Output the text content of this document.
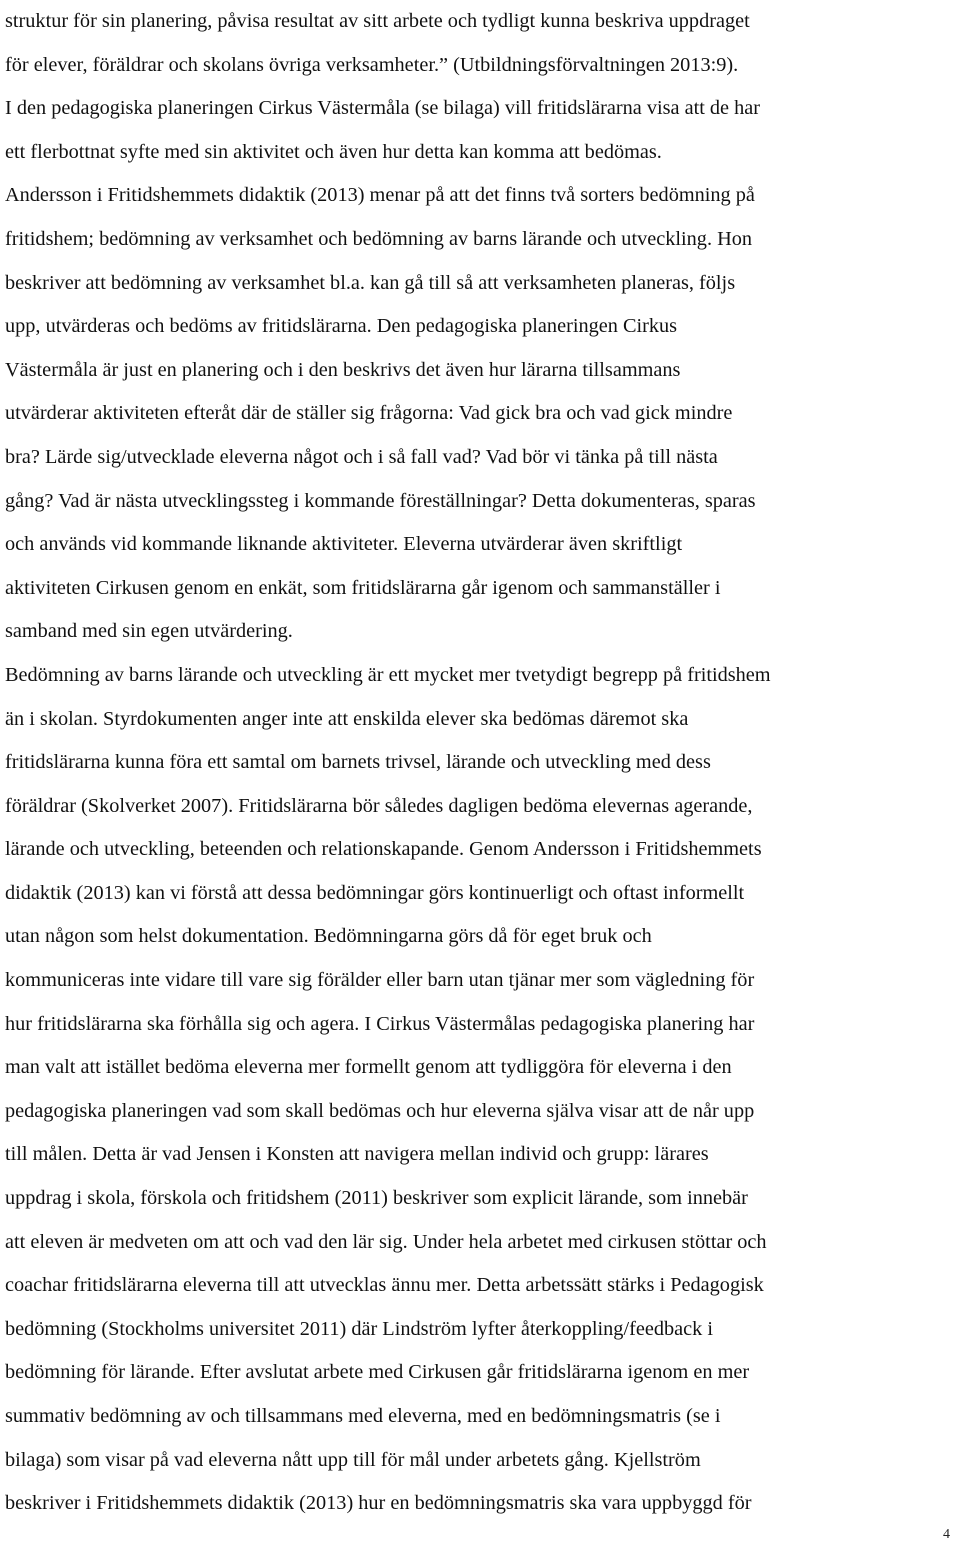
struktur för sin planering, påvisa resultat av sitt arbete och tydligt kunna beskriva uppdraget
för elever, föräldrar och skolans övriga verksamheter.” (Utbildningsförvaltningen 2013:9).
I den pedagogiska planeringen Cirkus Västermåla (se bilaga) vill fritidslärarna visa att de har
ett flerbottnat syfte med sin aktivitet och även hur detta kan komma att bedömas.
Andersson i Fritidshemmets didaktik (2013) menar på att det finns två sorters bedömning på
fritidshem; bedömning av verksamhet och bedömning av barns lärande och utveckling. Hon
beskriver att bedömning av verksamhet bl.a. kan gå till så att verksamheten planeras, följs
upp, utvärderas och bedöms av fritidslärarna. Den pedagogiska planeringen Cirkus
Västermåla är just en planering och i den beskrivs det även hur lärarna tillsammans
utvärderar aktiviteten efteråt där de ställer sig frågorna: Vad gick bra och vad gick mindre
bra? Lärde sig/utvecklade eleverna något och i så fall vad? Vad bör vi tänka på till nästa
gång? Vad är nästa utvecklingssteg i kommande föreställningar? Detta dokumenteras, sparas
och används vid kommande liknande aktiviteter. Eleverna utvärderar även skriftligt
aktiviteten Cirkusen genom en enkät, som fritidslärarna går igenom och sammanställer i
samband med sin egen utvärdering.
Bedömning av barns lärande och utveckling är ett mycket mer tvetydigt begrepp på fritidshem
än i skolan. Styrdokumenten anger inte att enskilda elever ska bedömas däremot ska
fritidslärarna kunna föra ett samtal om barnets trivsel, lärande och utveckling med dess
föräldrar (Skolverket 2007). Fritidslärarna bör således dagligen bedöma elevernas agerande,
lärande och utveckling, beteenden och relationskapande. Genom Andersson i Fritidshemmets
didaktik (2013) kan vi förstå att dessa bedömningar görs kontinuerligt och oftast informellt
utan någon som helst dokumentation. Bedömningarna görs då för eget bruk och
kommuniceras inte vidare till vare sig förälder eller barn utan tjänar mer som vägledning för
hur fritidslärarna ska förhålla sig och agera. I Cirkus Västermålas pedagogiska planering har
man valt att istället bedöma eleverna mer formellt genom att tydliggöra för eleverna i den
pedagogiska planeringen vad som skall bedömas och hur eleverna själva visar att de når upp
till målen. Detta är vad Jensen i Konsten att navigera mellan individ och grupp: lärares
uppdrag i skola, förskola och fritidshem (2011) beskriver som explicit lärande, som innebär
att eleven är medveten om att och vad den lär sig. Under hela arbetet med cirkusen stöttar och
coachar fritidslärarna eleverna till att utvecklas ännu mer. Detta arbetssätt stärks i Pedagogisk
bedömning (Stockholms universitet 2011) där Lindström lyfter återkoppling/feedback i
bedömning för lärande. Efter avslutat arbete med Cirkusen går fritidslärarna igenom en mer
summativ bedömning av och tillsammans med eleverna, med en bedömningsmatris (se i
bilaga) som visar på vad eleverna nått upp till för mål under arbetets gång. Kjellström
beskriver i Fritidshemmets didaktik (2013) hur en bedömningsmatris ska vara uppbyggd för
4
